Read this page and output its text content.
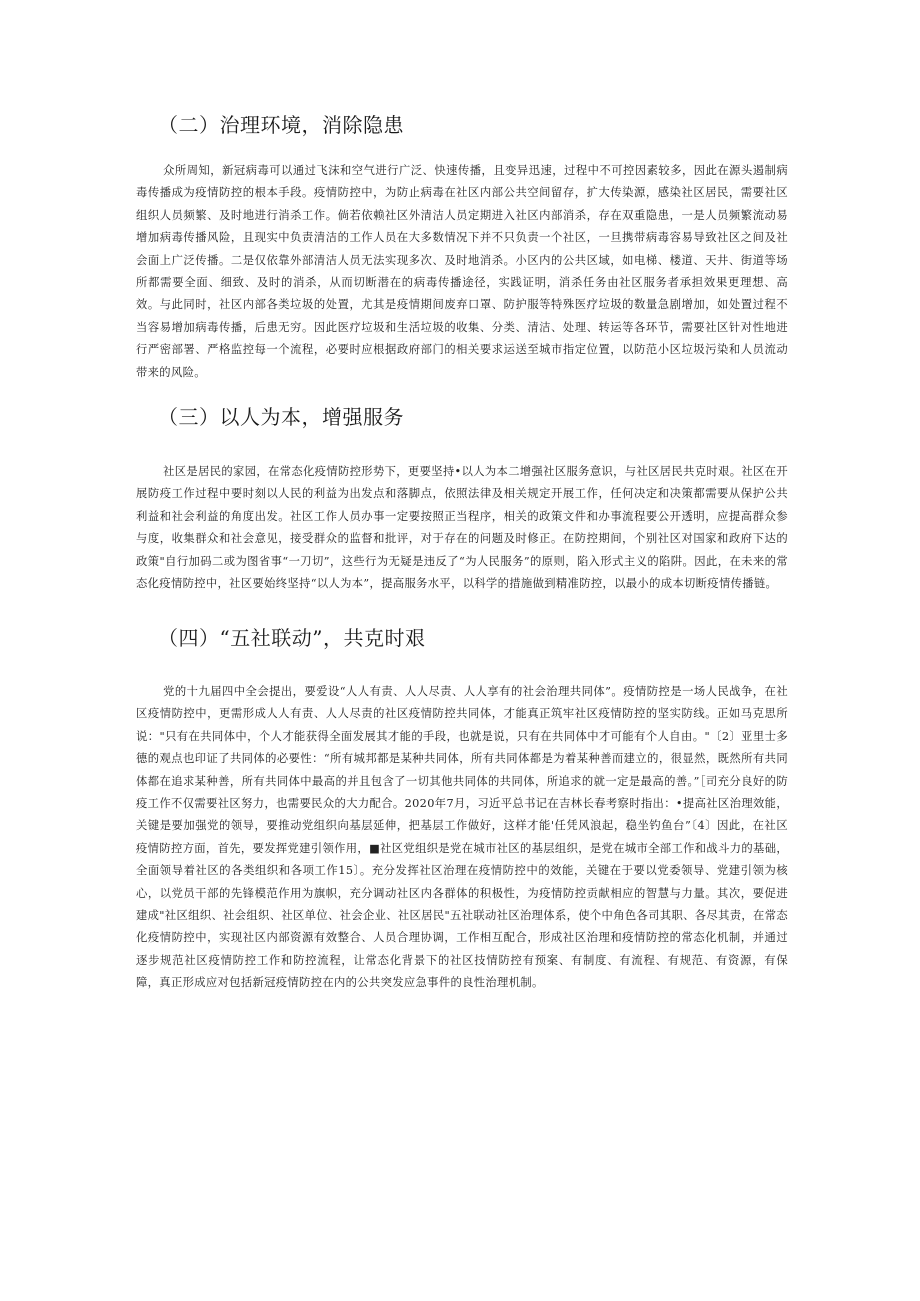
（二）治理环境，消除隐患

众所周知，新冠病毒可以通过飞沫和空气进行广泛、快速传播，且变异迅速，过程中不可控因素较多，因此在源头遏制病毒传播成为疫情防控的根本手段。疫情防控中，为防止病毒在社区内部公共空间留存，扩大传染源，感染社区居民，需要社区组织人员频繁、及时地进行消杀工作。倘若依赖社区外清洁人员定期进入社区内部消杀，存在双重隐患，一是人员频繁流动易增加病毒传播风险，且现实中负责清洁的工作人员在大多数情况下并不只负责一个社区，一旦携带病毒容易导致社区之间及社会面上广泛传播。二是仅依靠外部清洁人员无法实现多次、及时地消杀。小区内的公共区域，如电梯、楼道、天井、街道等场所都需要全面、细致、及时的消杀，从而切断潜在的病毒传播途径，实践证明，消杀任务由社区服务者承担效果更理想、高效。与此同时，社区内部各类垃圾的处置，尤其是疫情期间废弃口罩、防护服等特殊医疗垃圾的数量急剧增加，如处置过程不当容易增加病毒传播，后患无穷。因此医疗垃圾和生活垃圾的收集、分类、清洁、处理、转运等各环节，需要社区针对性地进行严密部署、严格监控每一个流程，必要时应根据政府部门的相关要求运送至城市指定位置，以防范小区垃圾污染和人员流动带来的风险。

（三）以人为本，增强服务

社区是居民的家园，在常态化疫情防控形势下，更要坚持•以人为本二增强社区服务意识，与社区居民共克时艰。社区在开展防疫工作过程中要时刻以人民的利益为出发点和落脚点，依照法律及相关规定开展工作，任何决定和决策都需要从保护公共利益和社会利益的角度出发。社区工作人员办事一定要按照正当程序，相关的政策文件和办事流程要公开透明，应提高群众参与度，收集群众和社会意见，接受群众的监督和批评，对于存在的问题及时修正。在防控期间，个别社区对国家和政府下达的政策"自行加码二或为图省事“一刀切”，这些行为无疑是违反了“为人民服务”的原则，陷入形式主义的陷阱。因此，在未来的常态化疫情防控中，社区要始终坚持“以人为本”，提高服务水平，以科学的措施做到精准防控，以最小的成本切断疫情传播链。

（四）“五社联动”，共克时艰

党的十九届四中全会提出，要爱设“人人有责、人人尽责、人人享有的社会治理共同体”。疫情防控是一场人民战争，在社区疫情防控中，更需形成人人有责、人人尽责的社区疫情防控共同体，才能真正筑牢社区疫情防控的坚实防线。正如马克思所说："只有在共同体中，个人才能获得全面发展其才能的手段，也就是说，只有在共同体中才可能有个人自由。"〔2〕亚里士多德的观点也印证了共同体的必要性：“所有城邦都是某种共同体，所有共同体都是为着某种善而建立的，很显然，既然所有共同体都在追求某种善，所有共同体中最高的并且包含了一切其他共同体的共同体，所追求的就一定是最高的善。”［司充分良好的防疫工作不仅需要社区努力，也需要民众的大力配合。2020年7月，习近平总书记在吉林长春考察时指出：•提高社区治理效能，关键是要加强党的领导，要推动党组织向基层延伸，把基层工作做好，这样才能'任凭风浪起，稳坐钓鱼台”〔4〕因此，在社区疫情防控方面，首先，要发挥党建引领作用，■社区党组织是党在城市社区的基层组织，是党在城市全部工作和战斗力的基础，全面领导着社区的各类组织和各项工作15〕。充分发挥社区治理在疫情防控中的效能，关键在于要以党委领导、党建引领为核心，以党员干部的先锋模范作用为旗帜，充分调动社区内各群体的积极性，为疫情防控贡献相应的智慧与力量。其次，要促进建成"社区组织、社会组织、社区单位、社会企业、社区居民"五社联动社区治理体系，使个中角色各司其职、各尽其责，在常态化疫情防控中，实现社区内部资源有效整合、人员合理协调，工作相互配合，形成社区治理和疫情防控的常态化机制，并通过逐步规范社区疫情防控工作和防控流程，让常态化背景下的社区技情防控有预案、有制度、有流程、有规范、有资源，有保障，真正形成应对包括新冠疫情防控在内的公共突发应急事件的良性治理机制。
